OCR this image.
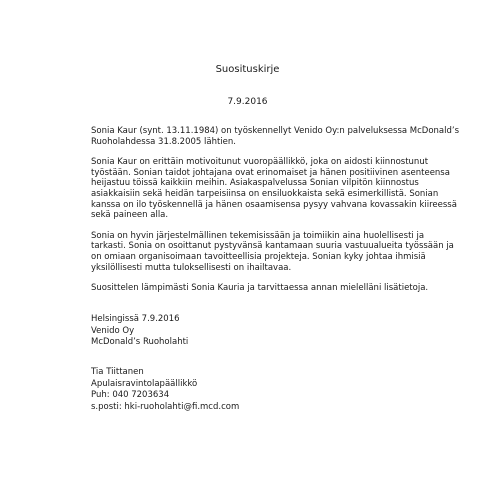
Suosituskirje
7.9.2016

Sonia Kaur (synt. 13.11.1984) on työskennellyt Venido Oy:n palveluksessa McDonald’s
Ruoholahdessa 31.8.2005 lähtien.

Sonia Kaur on erittäin motivoitunut vuoropäällikkö, joka on aidosti kiinnostunut
työstään. Sonian taidot johtajana ovat erinomaiset ja hänen positiivinen asenteensa
heijastuu töissä kaikkiin meihin. Asiakaspalvelussa Sonian vilpitön kiinnostus
asiakkaisiin sekä heidän tarpeisiinsa on ensiluokkaista sekä esimerkillistä. Sonian
kanssa on ilo työskennellä ja hänen osaamisensa pysyy vahvana kovassakin kiireessä
sekä paineen alla.

Sonia on hyvin järjestelmällinen tekemisissään ja toimiikin aina huolellisesti ja
tarkasti. Sonia on osoittanut pystyvänsä kantamaan suuria vastuualueita työssään ja
on omiaan organisoimaan tavoitteellisia projekteja. Sonian kyky johtaa ihmisiä
yksilöllisesti mutta tuloksellisesti on ihailtavaa.

Suosittelen lämpimästi Sonia Kauria ja tarvittaessa annan mielelläni lisätietoja.

Helsingissä 7.9.2016
Venido Oy
McDonald’s Ruoholahti
Tia Tiittanen
Apulaisravintolapäällikkö
Puh: 040 7203634
s.posti: hki-ruoholahti@fi.mcd.com
